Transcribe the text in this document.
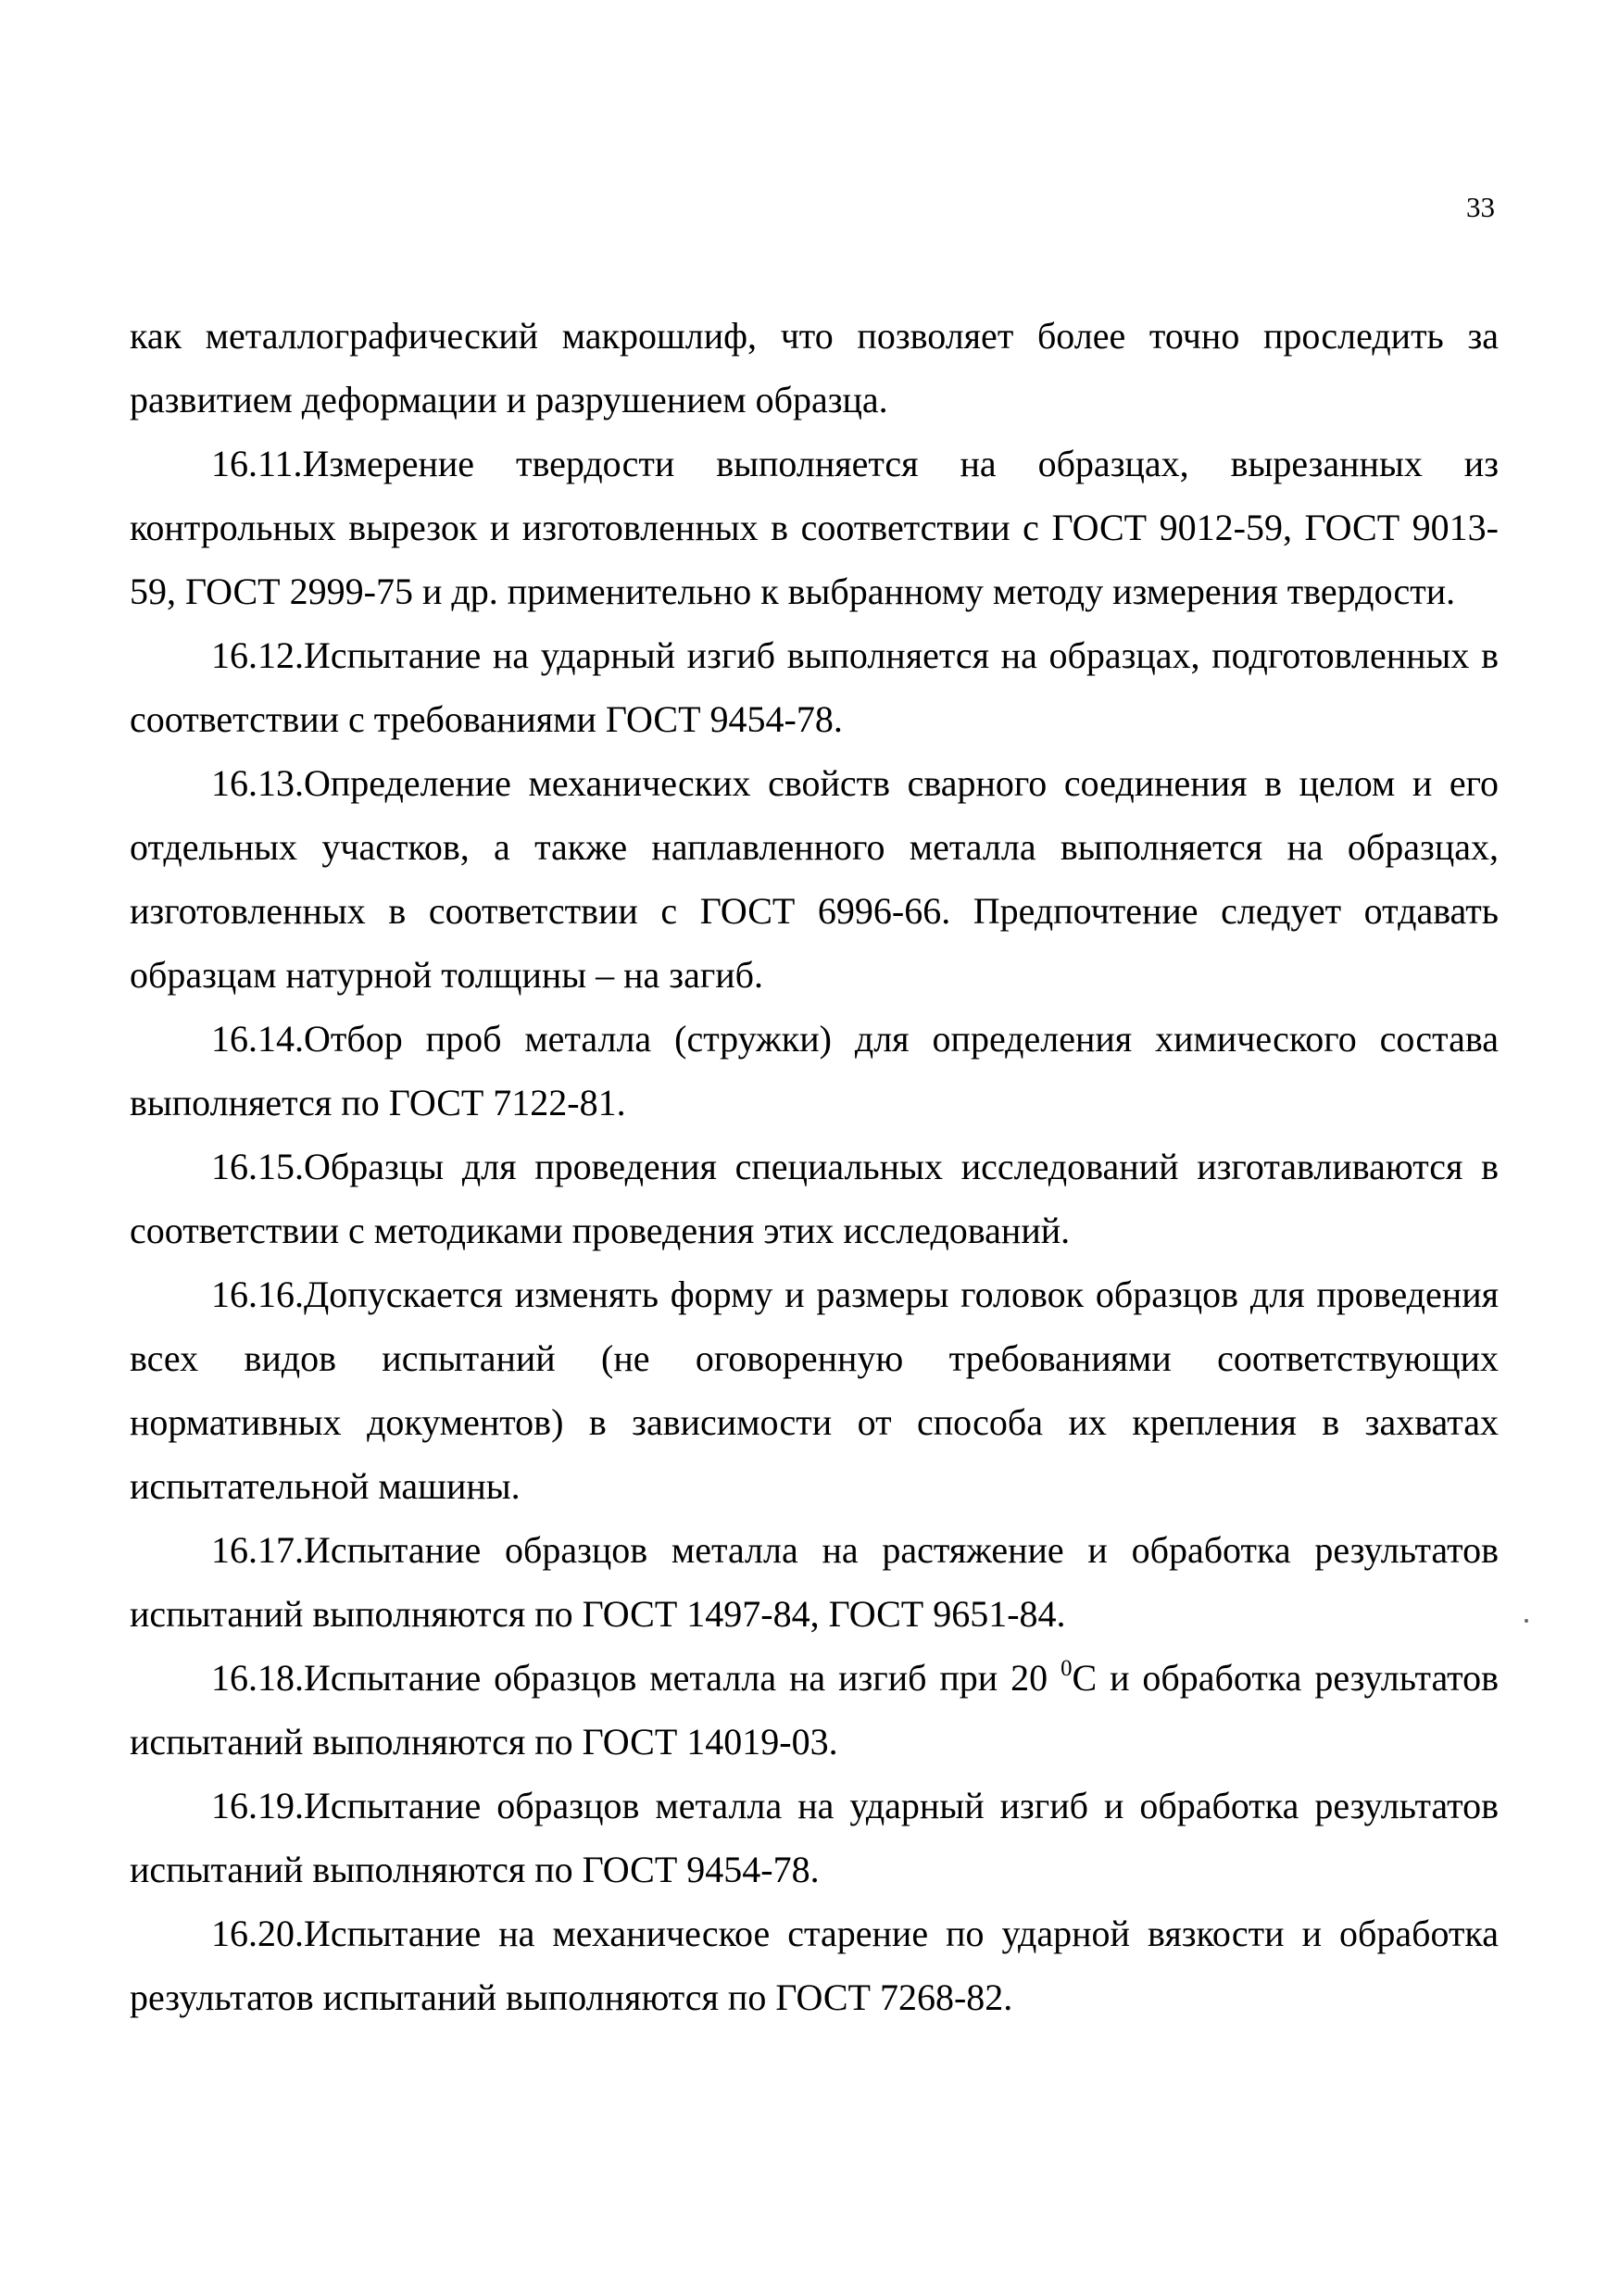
33

как металлографический макрошлиф, что позволяет более точно проследить за развитием деформации и разрушением образца.

16.11.Измерение твердости выполняется на образцах, вырезанных из контрольных вырезок и изготовленных в соответствии с ГОСТ 9012-59, ГОСТ 9013-59, ГОСТ 2999-75 и др. применительно к выбранному методу измерения твердости.

16.12.Испытание на ударный изгиб выполняется на образцах, подготовленных в соответствии с требованиями ГОСТ 9454-78.

16.13.Определение механических свойств сварного соединения в целом и его отдельных участков, а также наплавленного металла выполняется на образцах, изготовленных в соответствии с ГОСТ 6996-66. Предпочтение следует отдавать образцам натурной толщины – на загиб.

16.14.Отбор проб металла (стружки) для определения химического состава выполняется по ГОСТ 7122-81.

16.15.Образцы для проведения специальных исследований изготавливаются в соответствии с методиками проведения этих исследований.

16.16.Допускается изменять форму и размеры головок образцов для проведения всех видов испытаний (не оговоренную требованиями соответствующих нормативных документов) в зависимости от способа их крепления в захватах испытательной машины.

16.17.Испытание образцов металла на растяжение и обработка результатов испытаний выполняются по ГОСТ 1497-84, ГОСТ 9651-84.

16.18.Испытание образцов металла на изгиб при 20 $^0$С и обработка результатов испытаний выполняются по ГОСТ 14019-03.

16.19.Испытание образцов металла на ударный изгиб и обработка результатов испытаний выполняются по ГОСТ 9454-78.

16.20.Испытание на механическое старение по ударной вязкости и обработка результатов испытаний выполняются по ГОСТ 7268-82.
